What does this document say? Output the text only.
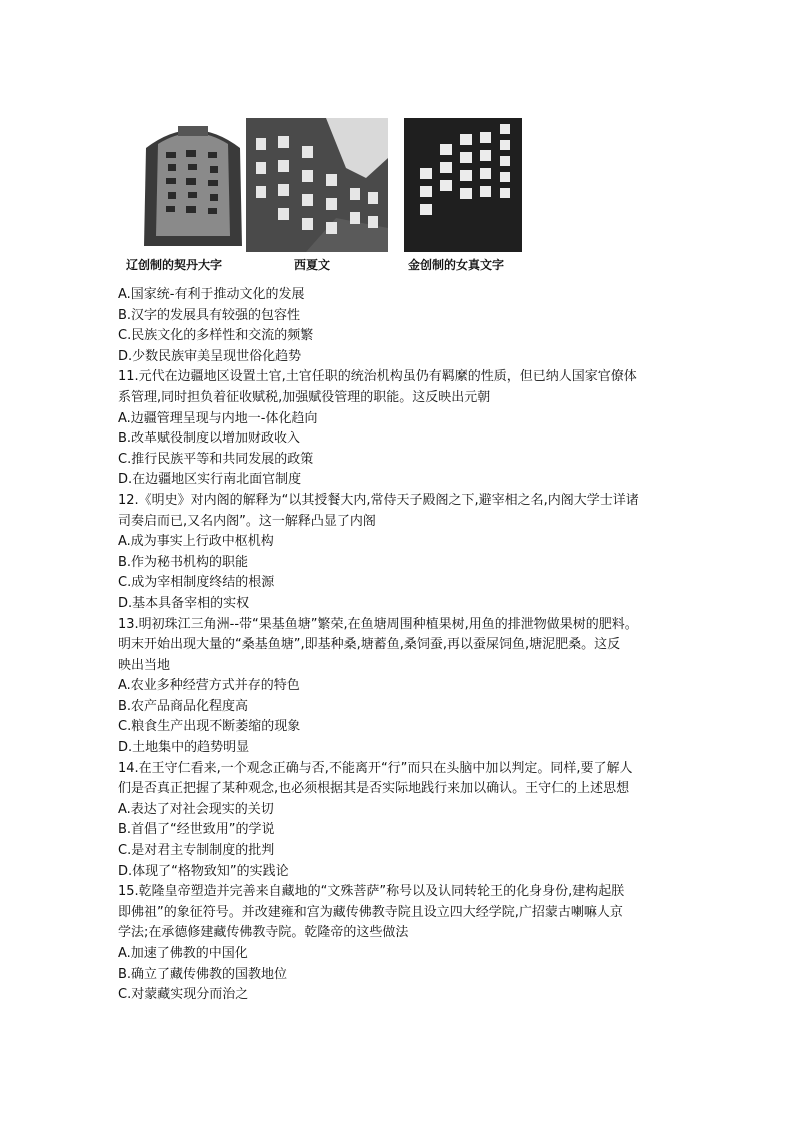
辽创制的契丹大字	西夏文	金创制的女真文字
A.国家统-有利于推动文化的发展
B.汉字的发展具有较强的包容性
C.民族文化的多样性和交流的频繁
D.少数民族审美呈现世俗化趋势
11.元代在边疆地区设置土官,土官任职的统治机构虽仍有羁縻的性质，但已纳人国家官僚体
系管理,同时担负着征收赋税,加强赋役管理的职能。这反映出元朝
A.边疆管理呈现与内地一-体化趋向
B.改革赋役制度以增加财政收入
C.推行民族平等和共同发展的政策
D.在边疆地区实行南北面官制度
12.《明史》对内阁的解释为“以其授餐大内,常侍天子殿阁之下,避宰相之名,内阁大学士详诸
司奏启而已,又名内阁”。这一解释凸显了内阁
A.成为事实上行政中枢机构
B.作为秘书机构的职能
C.成为宰相制度终结的根源
D.基本具备宰相的实权
13.明初珠江三角洲--带“果基鱼塘”繁荣,在鱼塘周围种植果树,用鱼的排泄物做果树的肥料。
明末开始出现大量的“桑基鱼塘”,即基种桑,塘蓄鱼,桑饲蚕,再以蚕屎饲鱼,塘泥肥桑。这反
映出当地
A.农业多种经营方式并存的特色
B.农产品商品化程度高
C.粮食生产出现不断萎缩的现象
D.土地集中的趋势明显
14.在王守仁看来,一个观念正确与否,不能离开“行”而只在头脑中加以判定。同样,要了解人
们是否真正把握了某种观念,也必须根据其是否实际地践行来加以确认。王守仁的上述思想
A.表达了对社会现实的关切
B.首倡了“经世致用”的学说
C.是对君主专制制度的批判
D.体现了“格物致知”的实践论
15.乾隆皇帝塑造并完善来自藏地的“文殊菩萨”称号以及认同转轮王的化身身份,建构起朕
即佛祖”的象征符号。并改建雍和宫为藏传佛教寺院且设立四大经学院,广招蒙古喇嘛人京
学法;在承德修建藏传佛教寺院。乾隆帝的这些做法
A.加速了佛教的中国化
B.确立了藏传佛教的国教地位
C.对蒙藏实现分而治之
